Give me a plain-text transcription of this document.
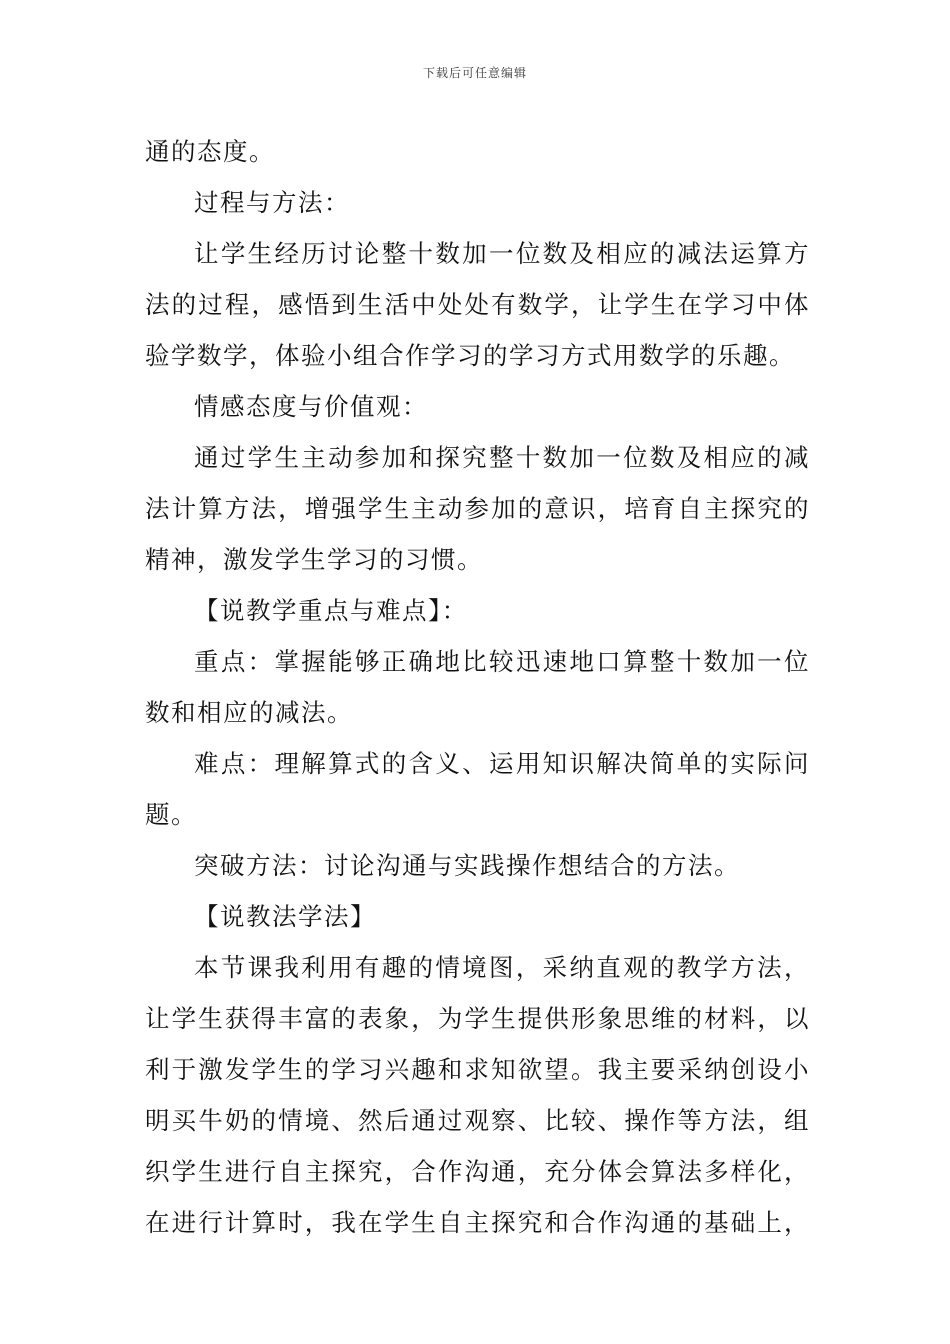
下载后可任意编辑
通的态度。
过程与方法：
让学生经历讨论整十数加一位数及相应的减法运算方
法的过程，感悟到生活中处处有数学，让学生在学习中体
验学数学，体验小组合作学习的学习方式用数学的乐趣。
情感态度与价值观：
通过学生主动参加和探究整十数加一位数及相应的减
法计算方法，增强学生主动参加的意识，培育自主探究的
精神，激发学生学习的习惯。
【说教学重点与难点】：
重点：掌握能够正确地比较迅速地口算整十数加一位
数和相应的减法。
难点：理解算式的含义、运用知识解决简单的实际问
题。
突破方法：讨论沟通与实践操作想结合的方法。
【说教法学法】
本节课我利用有趣的情境图，采纳直观的教学方法，
让学生获得丰富的表象，为学生提供形象思维的材料，以
利于激发学生的学习兴趣和求知欲望。我主要采纳创设小
明买牛奶的情境、然后通过观察、比较、操作等方法，组
织学生进行自主探究，合作沟通，充分体会算法多样化，
在进行计算时，我在学生自主探究和合作沟通的基础上，
